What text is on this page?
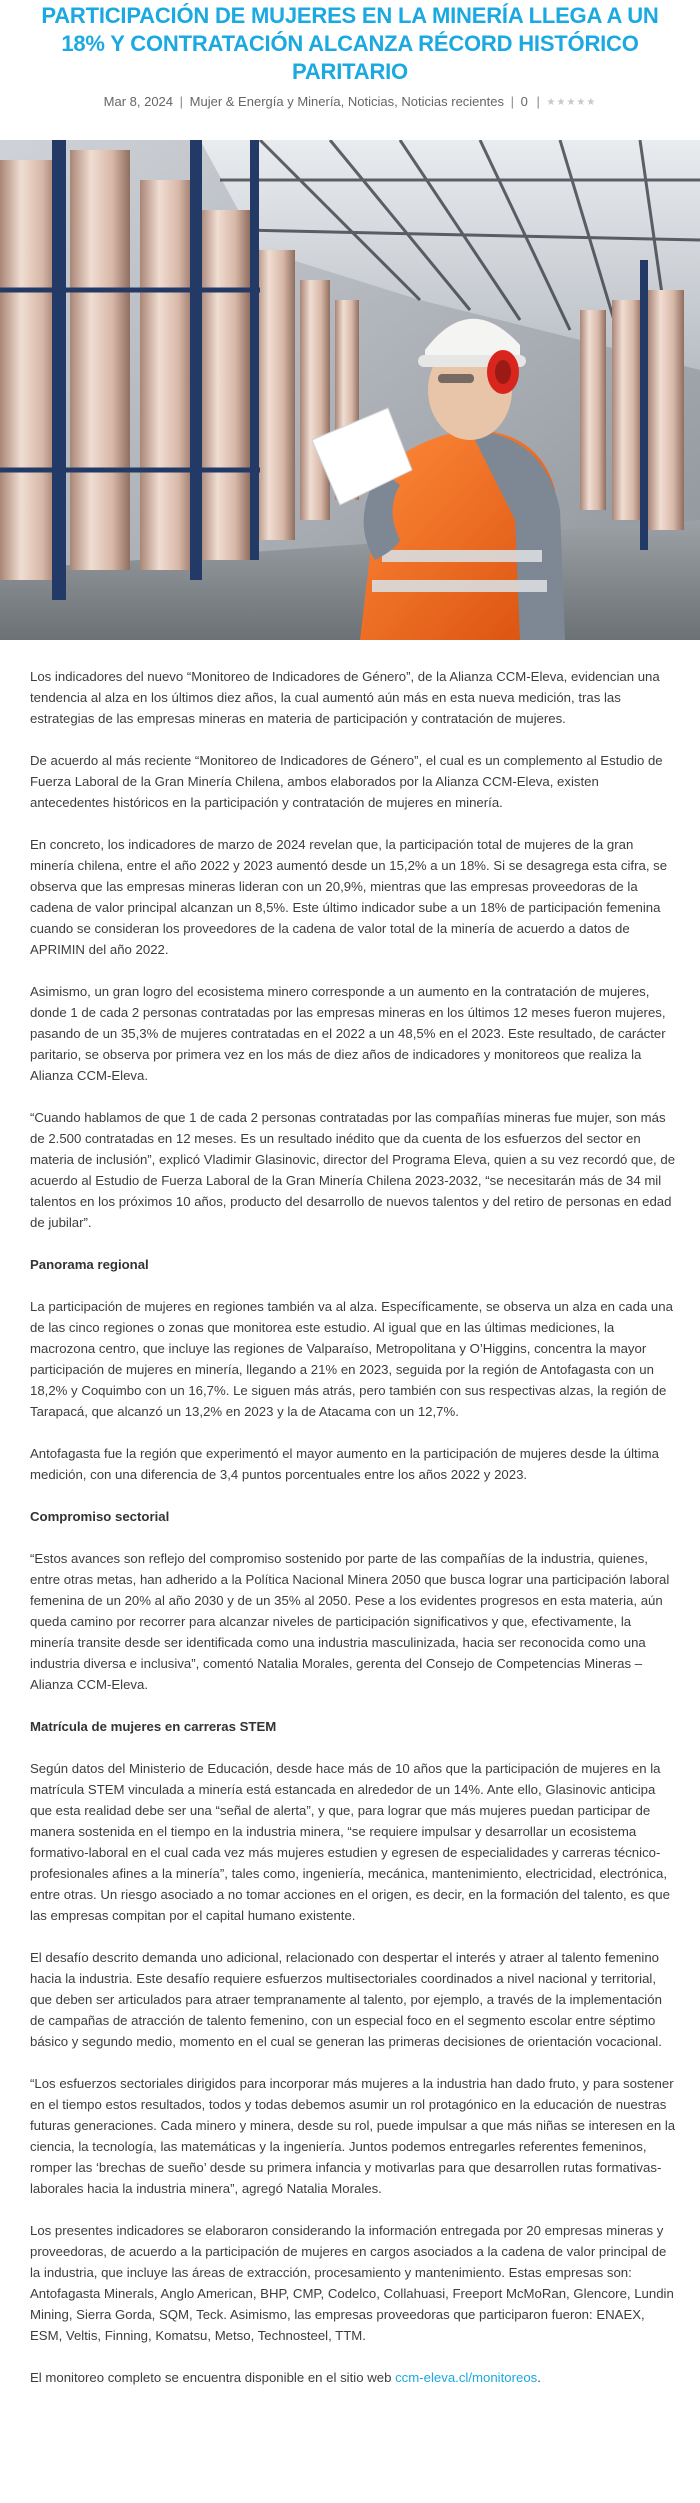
PARTICIPACIÓN DE MUJERES EN LA MINERÍA LLEGA A UN 18% Y CONTRATACIÓN ALCANZA RÉCORD HISTÓRICO PARITARIO
Mar 8, 2024 | Mujer & Energía y Minería, Noticias, Noticias recientes | 0 | ★★★★★

Los indicadores del nuevo “Monitoreo de Indicadores de Género”, de la Alianza CCM-Eleva, evidencian una tendencia al alza en los últimos diez años, la cual aumentó aún más en esta nueva medición, tras las estrategias de las empresas mineras en materia de participación y contratación de mujeres.

De acuerdo al más reciente “Monitoreo de Indicadores de Género”, el cual es un complemento al Estudio de Fuerza Laboral de la Gran Minería Chilena, ambos elaborados por la Alianza CCM-Eleva, existen antecedentes históricos en la participación y contratación de mujeres en minería.

En concreto, los indicadores de marzo de 2024 revelan que, la participación total de mujeres de la gran minería chilena, entre el año 2022 y 2023 aumentó desde un 15,2% a un 18%. Si se desagrega esta cifra, se observa que las empresas mineras lideran con un 20,9%, mientras que las empresas proveedoras de la cadena de valor principal alcanzan un 8,5%. Este último indicador sube a un 18% de participación femenina cuando se consideran los proveedores de la cadena de valor total de la minería de acuerdo a datos de APRIMIN del año 2022.

Asimismo, un gran logro del ecosistema minero corresponde a un aumento en la contratación de mujeres, donde 1 de cada 2 personas contratadas por las empresas mineras en los últimos 12 meses fueron mujeres, pasando de un 35,3% de mujeres contratadas en el 2022 a un 48,5% en el 2023. Este resultado, de carácter paritario, se observa por primera vez en los más de diez años de indicadores y monitoreos que realiza la Alianza CCM-Eleva.

“Cuando hablamos de que 1 de cada 2 personas contratadas por las compañías mineras fue mujer, son más de 2.500 contratadas en 12 meses. Es un resultado inédito que da cuenta de los esfuerzos del sector en materia de inclusión”, explicó Vladimir Glasinovic, director del Programa Eleva, quien a su vez recordó que, de acuerdo al Estudio de Fuerza Laboral de la Gran Minería Chilena 2023-2032, “se necesitarán más de 34 mil talentos en los próximos 10 años, producto del desarrollo de nuevos talentos y del retiro de personas en edad de jubilar”.

Panorama regional

La participación de mujeres en regiones también va al alza. Específicamente, se observa un alza en cada una de las cinco regiones o zonas que monitorea este estudio. Al igual que en las últimas mediciones, la macrozona centro, que incluye las regiones de Valparaíso, Metropolitana y O’Higgins, concentra la mayor participación de mujeres en minería, llegando a 21% en 2023, seguida por la región de Antofagasta con un 18,2% y Coquimbo con un 16,7%. Le siguen más atrás, pero también con sus respectivas alzas, la región de Tarapacá, que alcanzó un 13,2% en 2023 y la de Atacama con un 12,7%.

Antofagasta fue la región que experimentó el mayor aumento en la participación de mujeres desde la última medición, con una diferencia de 3,4 puntos porcentuales entre los años 2022 y 2023.

Compromiso sectorial

“Estos avances son reflejo del compromiso sostenido por parte de las compañías de la industria, quienes, entre otras metas, han adherido a la Política Nacional Minera 2050 que busca lograr una participación laboral femenina de un 20% al año 2030 y de un 35% al 2050. Pese a los evidentes progresos en esta materia, aún queda camino por recorrer para alcanzar niveles de participación significativos y que, efectivamente, la minería transite desde ser identificada como una industria masculinizada, hacia ser reconocida como una industria diversa e inclusiva”, comentó Natalia Morales, gerenta del Consejo de Competencias Mineras – Alianza CCM-Eleva.

Matrícula de mujeres en carreras STEM

Según datos del Ministerio de Educación, desde hace más de 10 años que la participación de mujeres en la matrícula STEM vinculada a minería está estancada en alrededor de un 14%. Ante ello, Glasinovic anticipa que esta realidad debe ser una “señal de alerta”, y que, para lograr que más mujeres puedan participar de manera sostenida en el tiempo en la industria minera, “se requiere impulsar y desarrollar un ecosistema formativo-laboral en el cual cada vez más mujeres estudien y egresen de especialidades y carreras técnico-profesionales afines a la minería”, tales como, ingeniería, mecánica, mantenimiento, electricidad, electrónica, entre otras. Un riesgo asociado a no tomar acciones en el origen, es decir, en la formación del talento, es que las empresas compitan por el capital humano existente.

El desafío descrito demanda uno adicional, relacionado con despertar el interés y atraer al talento femenino hacia la industria. Este desafío requiere esfuerzos multisectoriales coordinados a nivel nacional y territorial, que deben ser articulados para atraer tempranamente al talento, por ejemplo, a través de la implementación de campañas de atracción de talento femenino, con un especial foco en el segmento escolar entre séptimo básico y segundo medio, momento en el cual se generan las primeras decisiones de orientación vocacional.

“Los esfuerzos sectoriales dirigidos para incorporar más mujeres a la industria han dado fruto, y para sostener en el tiempo estos resultados, todos y todas debemos asumir un rol protagónico en la educación de nuestras futuras generaciones. Cada minero y minera, desde su rol, puede impulsar a que más niñas se interesen en la ciencia, la tecnología, las matemáticas y la ingeniería. Juntos podemos entregarles referentes femeninos, romper las ‘brechas de sueño’ desde su primera infancia y motivarlas para que desarrollen rutas formativas-laborales hacia la industria minera”, agregó Natalia Morales.

Los presentes indicadores se elaboraron considerando la información entregada por 20 empresas mineras y proveedoras, de acuerdo a la participación de mujeres en cargos asociados a la cadena de valor principal de la industria, que incluye las áreas de extracción, procesamiento y mantenimiento. Estas empresas son: Antofagasta Minerals, Anglo American, BHP, CMP, Codelco, Collahuasi, Freeport McMoRan, Glencore, Lundin Mining, Sierra Gorda, SQM, Teck. Asimismo, las empresas proveedoras que participaron fueron: ENAEX, ESM, Veltis, Finning, Komatsu, Metso, Technosteel, TTM.

El monitoreo completo se encuentra disponible en el sitio web ccm-eleva.cl/monitoreos.
